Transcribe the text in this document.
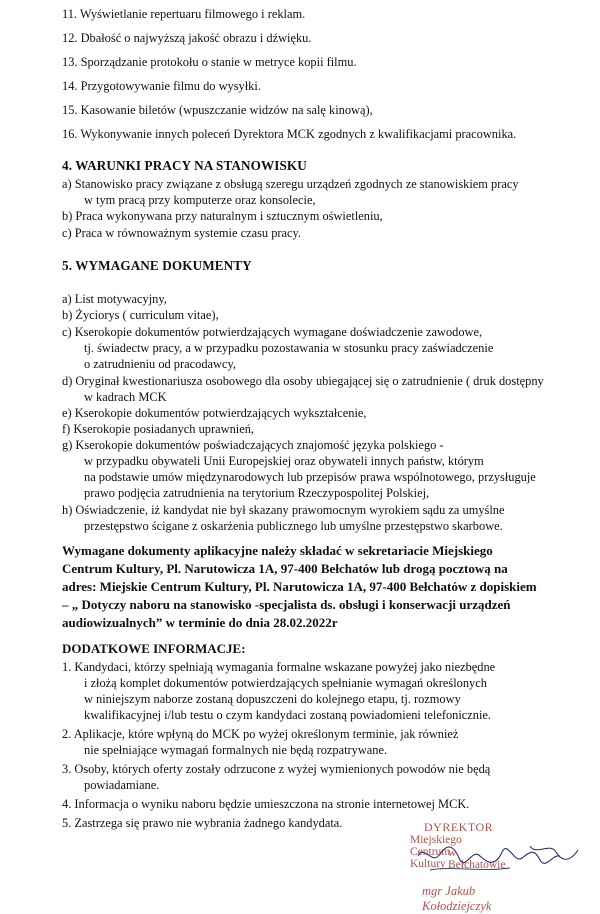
11. Wyświetlanie repertuaru filmowego i reklam.
12. Dbałość o najwyższą jakość obrazu i dźwięku.
13. Sporządzanie protokołu o stanie w metryce kopii filmu.
14. Przygotowywanie filmu do wysyłki.
15. Kasowanie biletów (wpuszczanie widzów na salę kinową),
16. Wykonywanie innych poleceń Dyrektora MCK zgodnych z kwalifikacjami pracownika.
4. WARUNKI PRACY NA STANOWISKU
a) Stanowisko pracy związane z obsługą szeregu urządzeń zgodnych ze stanowiskiem pracy
w tym pracą przy komputerze oraz konsolecie,
b) Praca wykonywana przy naturalnym i sztucznym oświetleniu,
c) Praca w równoważnym systemie czasu pracy.
5. WYMAGANE DOKUMENTY
a) List motywacyjny,
b) Życiorys ( curriculum vitae),
c) Kserokopie dokumentów potwierdzających wymagane doświadczenie zawodowe,
tj. świadectw pracy, a w przypadku pozostawania w stosunku pracy zaświadczenie
o zatrudnieniu od pracodawcy,
d) Oryginał kwestionariusza osobowego dla osoby ubiegającej się o zatrudnienie ( druk dostępny
w kadrach MCK
e) Kserokopie dokumentów potwierdzających wykształcenie,
f) Kserokopie posiadanych uprawnień,
g) Kserokopie dokumentów poświadczających znajomość języka polskiego -
w przypadku obywateli Unii Europejskiej oraz obywateli innych państw, którym
na podstawie umów międzynarodowych lub przepisów prawa wspólnotowego, przysługuje
prawo podjęcia zatrudnienia na terytorium Rzeczypospolitej Polskiej,
h) Oświadczenie, iż kandydat nie był skazany prawomocnym wyrokiem sądu za umyślne
przestępstwo ścigane z oskarżenia publicznego lub umyślne przestępstwo skarbowe.
Wymagane dokumenty aplikacyjne należy składać w sekretariacie Miejskiego
Centrum Kultury, Pl. Narutowicza 1A, 97-400 Bełchatów lub drogą pocztową na
adres: Miejskie Centrum Kultury, Pl. Narutowicza 1A, 97-400 Bełchatów z dopiskiem
– „ Dotyczy naboru na stanowisko -specjalista ds. obsługi i konserwacji urządzeń
audiowizualnych” w terminie do dnia 28.02.2022r
DODATKOWE INFORMACJE:
1. Kandydaci, którzy spełniają wymagania formalne wskazane powyżej jako niezbędne
i złożą komplet dokumentów potwierdzających spełnianie wymagań określonych
w niniejszym naborze zostaną dopuszczeni do kolejnego etapu, tj. rozmowy
kwalifikacyjnej i/lub testu o czym kandydaci zostaną powiadomieni telefonicznie.
2. Aplikacje, które wpłyną do MCK po wyżej określonym terminie, jak również
nie spełniające wymagań formalnych nie będą rozpatrywane.
3. Osoby, których oferty zostały odrzucone z wyżej wymienionych powodów nie będą
powiadamiane.
4. Informacja o wyniku naboru będzie umieszczona na stronie internetowej MCK.
5. Zastrzega się prawo nie wybrania żadnego kandydata.	DYREKTOR
Miejskiego Centrum Kultury
w Bełchatowie
mgr Jakub Kołodziejczyk
